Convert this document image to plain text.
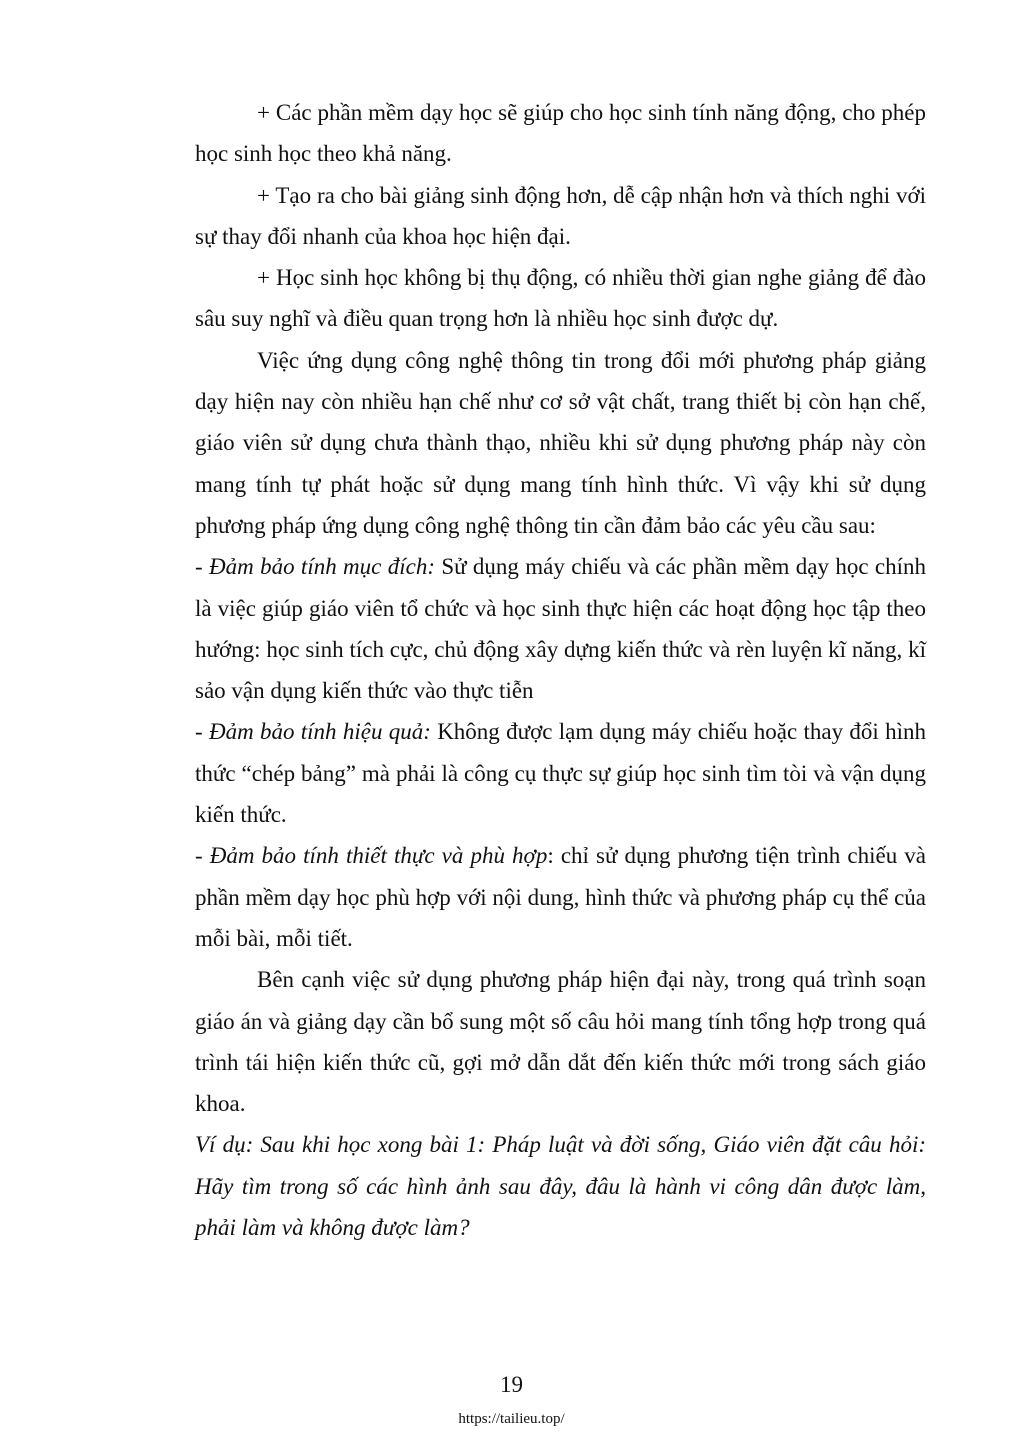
+ Các phần mềm dạy học sẽ giúp cho học sinh tính năng động, cho phép học sinh học theo khả năng.

+ Tạo ra cho bài giảng sinh động hơn, dễ cập nhận hơn và thích nghi với sự thay đổi nhanh của khoa học hiện đại.

+ Học sinh học không bị thụ động, có nhiều thời gian nghe giảng để đào sâu suy nghĩ và điều quan trọng hơn là nhiều học sinh được dự.

Việc ứng dụng công nghệ thông tin trong đổi mới phương pháp giảng dạy hiện nay còn nhiều hạn chế như cơ sở vật chất, trang thiết bị còn hạn chế, giáo viên sử dụng chưa thành thạo, nhiều khi sử dụng phương pháp này còn mang tính tự phát hoặc sử dụng mang tính hình thức. Vì vậy khi sử dụng phương pháp ứng dụng công nghệ thông tin cần đảm bảo các yêu cầu sau:

- Đảm bảo tính mục đích: Sử dụng máy chiếu và các phần mềm dạy học chính là việc giúp giáo viên tổ chức và học sinh thực hiện các hoạt động học tập theo hướng: học sinh tích cực, chủ động xây dựng kiến thức và rèn luyện kĩ năng, kĩ sảo vận dụng kiến thức vào thực tiễn

- Đảm bảo tính hiệu quả: Không được lạm dụng máy chiếu hoặc thay đổi hình thức “chép bảng” mà phải là công cụ thực sự giúp học sinh tìm tòi và vận dụng kiến thức.

- Đảm bảo tính thiết thực và phù hợp: chỉ sử dụng phương tiện trình chiếu và phần mềm dạy học phù hợp với nội dung, hình thức và phương pháp cụ thể của mỗi bài, mỗi tiết.

Bên cạnh việc sử dụng phương pháp hiện đại này, trong quá trình soạn giáo án và giảng dạy cần bổ sung một số câu hỏi mang tính tổng hợp trong quá trình tái hiện kiến thức cũ, gợi mở dẫn dắt đến kiến thức mới trong sách giáo khoa.

Ví dụ: Sau khi học xong bài 1: Pháp luật và đời sống, Giáo viên đặt câu hỏi: Hãy tìm trong số các hình ảnh sau đây, đâu là hành vi công dân được làm, phải làm và không được làm?

19
https://tailieu.top/
